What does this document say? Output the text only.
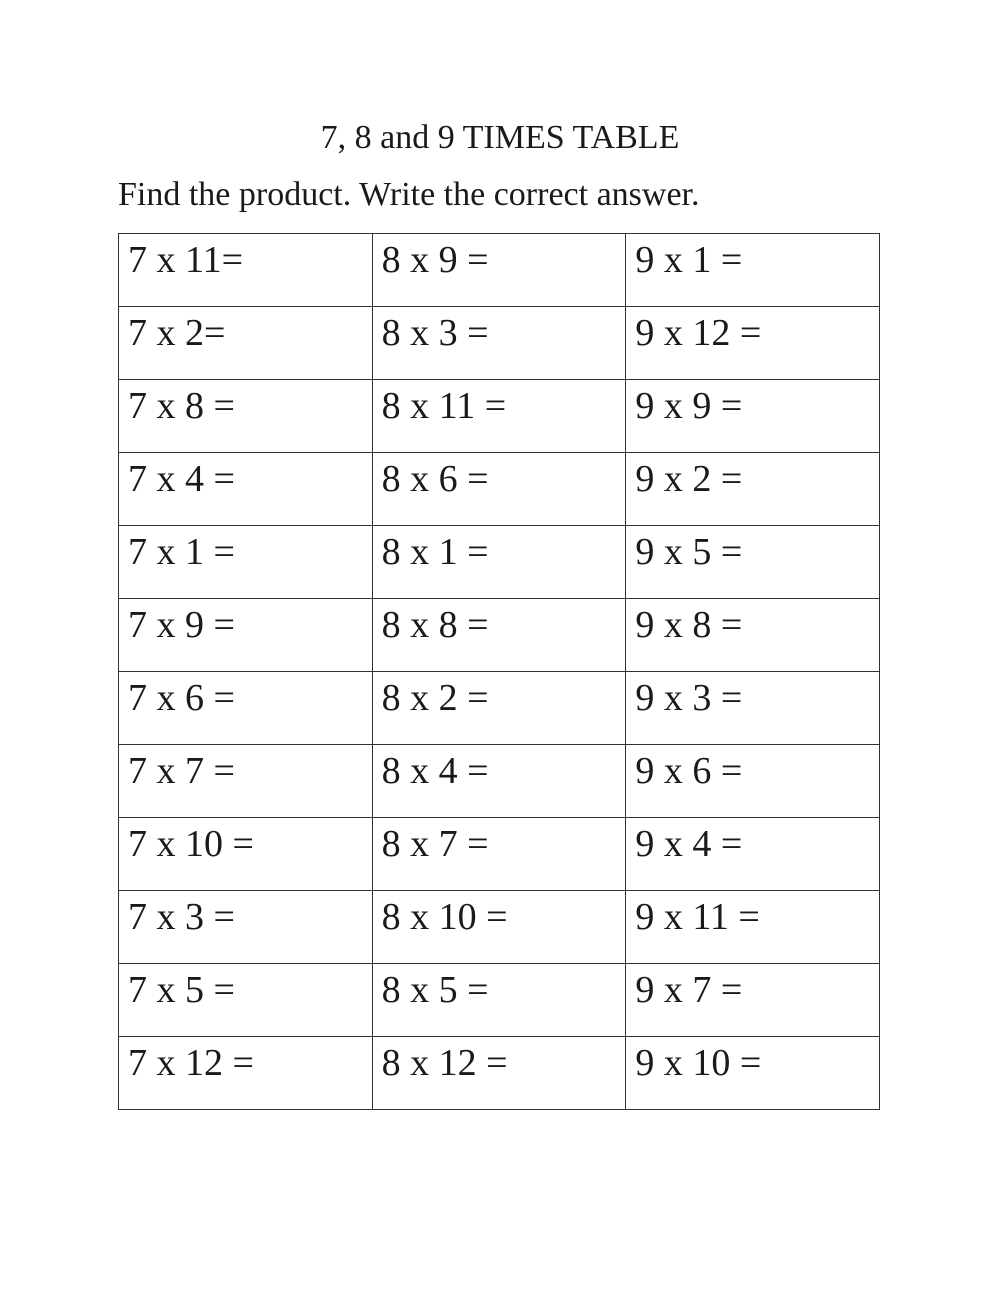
7, 8 and 9 TIMES TABLE

Find the product. Write the correct answer.

7 x 11=	8 x 9 =	9 x 1 =
7 x 2=	8 x 3 =	9 x 12 =
7 x 8 =	8 x 11 =	9 x 9 =
7 x 4 =	8 x 6 =	9 x 2 =
7 x 1 =	8 x 1 =	9 x 5 =
7 x 9 =	8 x 8 =	9 x 8 =
7 x 6 =	8 x 2 =	9 x 3 =
7 x 7 =	8 x 4 =	9 x 6 =
7 x 10 =	8 x 7 =	9 x 4 =
7 x 3 =	8 x 10 =	9 x 11 =
7 x 5 =	8 x 5 =	9 x 7 =
7 x 12 =	8 x 12 =	9 x 10 =
